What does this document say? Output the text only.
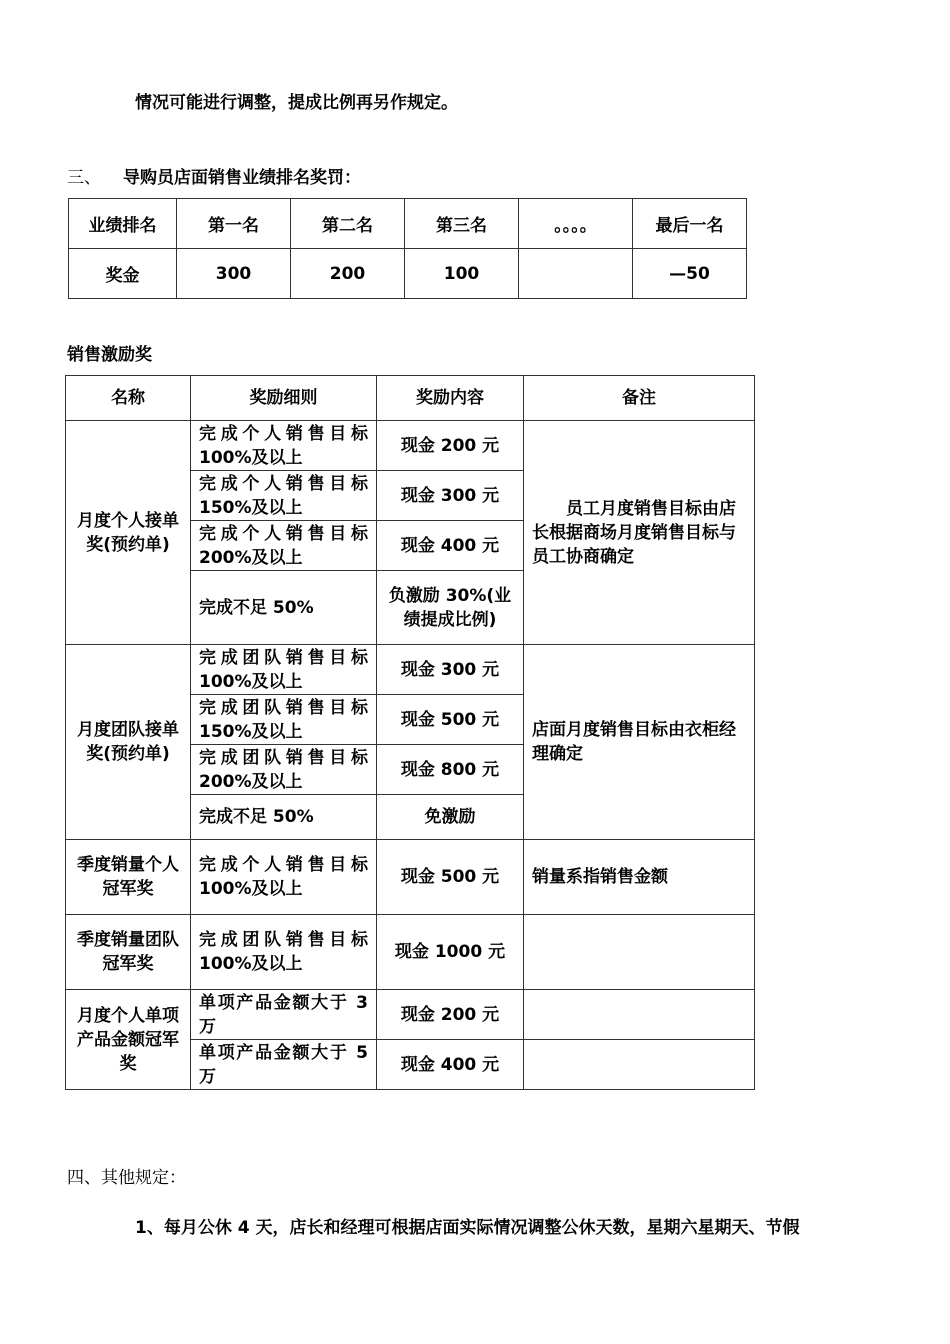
情况可能进行调整，提成比例再另作规定。
三、 导购员店面销售业绩排名奖罚：
业绩排名	第一名	第二名	第三名	。。。。	最后一名
奖金	300	200	100		—50
销售激励奖
名称	奖励细则	奖励内容	备注
月度个人接单奖(预约单)	完成个人销售目标100%及以上	现金 200 元	员工月度销售目标由店长根据商场月度销售目标与员工协商确定
	完成个人销售目标150%及以上	现金 300 元	
	完成个人销售目标200%及以上	现金 400 元	
	完成不足 50%	负激励 30%(业绩提成比例)	
月度团队接单奖(预约单)	完成团队销售目标100%及以上	现金 300 元	店面月度销售目标由衣柜经理确定
	完成团队销售目标150%及以上	现金 500 元	
	完成团队销售目标200%及以上	现金 800 元	
	完成不足 50%	免激励	
季度销量个人冠军奖	完成个人销售目标100%及以上	现金 500 元	销量系指销售金额
季度销量团队冠军奖	完成团队销售目标100%及以上	现金 1000 元	
月度个人单项产品金额冠军奖	单项产品金额大于 3 万	现金 200 元	
	单项产品金额大于 5 万	现金 400 元	
四、其他规定：
1、每月公休 4 天，店长和经理可根据店面实际情况调整公休天数，星期六星期天、节假
